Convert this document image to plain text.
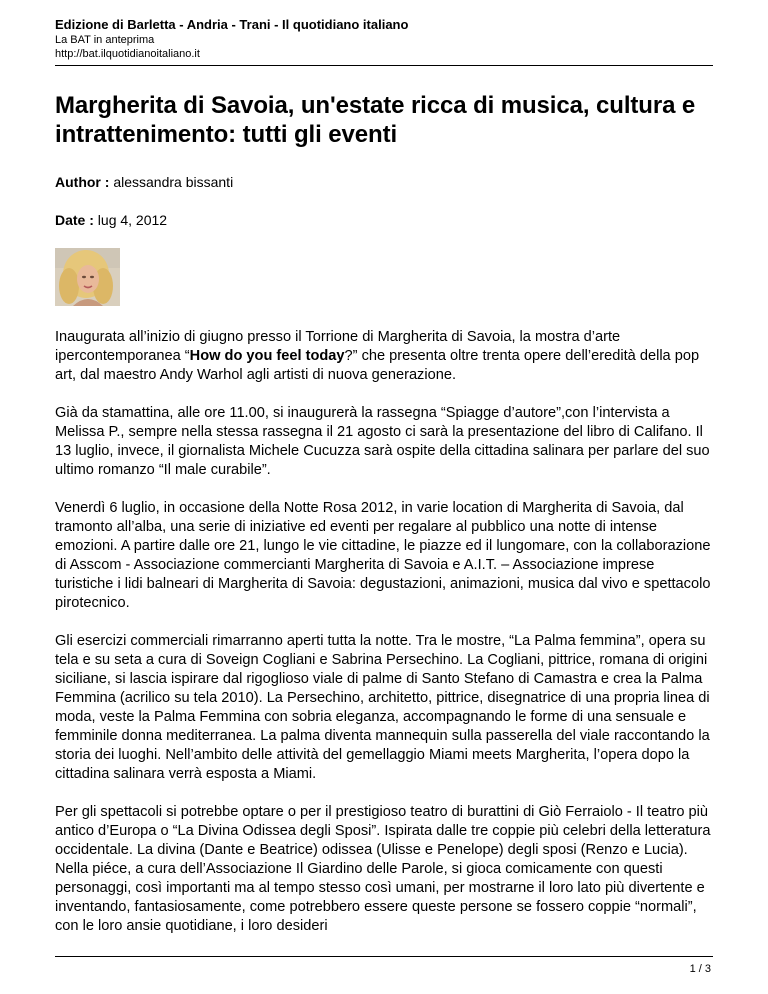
Edizione di Barletta - Andria - Trani - Il quotidiano italiano
La BAT in anteprima
http://bat.ilquotidianoitaliano.it
Margherita di Savoia, un'estate ricca di musica, cultura e intrattenimento: tutti gli eventi
Author : alessandra bissanti
Date : lug 4, 2012

Inaugurata all’inizio di giugno presso il Torrione di Margherita di Savoia, la mostra d’arte ipercontemporanea “How do you feel today?” che presenta oltre trenta opere dell’eredità della pop art, dal maestro Andy Warhol agli artisti di nuova generazione.

Già da stamattina, alle ore 11.00, si inaugurerà la rassegna “Spiagge d’autore”,con l’intervista a Melissa P., sempre nella stessa rassegna il 21 agosto ci sarà la presentazione del libro di Califano. Il 13 luglio, invece, il giornalista Michele Cucuzza sarà ospite della cittadina salinara per parlare del suo ultimo romanzo “Il male curabile”.

Venerdì 6 luglio, in occasione della Notte Rosa 2012, in varie location di Margherita di Savoia, dal tramonto all’alba, una serie di iniziative ed eventi per regalare al pubblico una notte di intense emozioni. A partire dalle ore 21, lungo le vie cittadine, le piazze ed il lungomare, con la collaborazione di Asscom - Associazione commercianti Margherita di Savoia e A.I.T. – Associazione imprese turistiche i lidi balneari di Margherita di Savoia: degustazioni, animazioni, musica dal vivo e spettacolo pirotecnico.

Gli esercizi commerciali rimarranno aperti tutta la notte. Tra le mostre, “La Palma femmina”, opera su tela e su seta a cura di Soveign Cogliani e Sabrina Persechino. La Cogliani, pittrice, romana di origini siciliane, si lascia ispirare dal rigoglioso viale di palme di Santo Stefano di Camastra e crea la Palma Femmina (acrilico su tela 2010). La Persechino, architetto, pittrice, disegnatrice di una propria linea di moda, veste la Palma Femmina con sobria eleganza, accompagnando le forme di una sensuale e femminile donna mediterranea. La palma diventa mannequin sulla passerella del viale raccontando la storia dei luoghi. Nell’ambito delle attività del gemellaggio Miami meets Margherita, l’opera dopo la cittadina salinara verrà esposta a Miami.

Per gli spettacoli si potrebbe optare o per il prestigioso teatro di burattini di Giò Ferraiolo - Il teatro più antico d’Europa o “La Divina Odissea degli Sposi”. Ispirata dalle tre coppie più celebri della letteratura occidentale. La divina (Dante e Beatrice) odissea (Ulisse e Penelope) degli sposi (Renzo e Lucia). Nella piéce, a cura dell’Associazione Il Giardino delle Parole, si gioca comicamente con questi personaggi, così importanti ma al tempo stesso così umani, per mostrarne il loro lato più divertente e inventando, fantasiosamente, come potrebbero essere queste persone se fossero coppie “normali”, con le loro ansie quotidiane, i loro desideri

1 / 3
